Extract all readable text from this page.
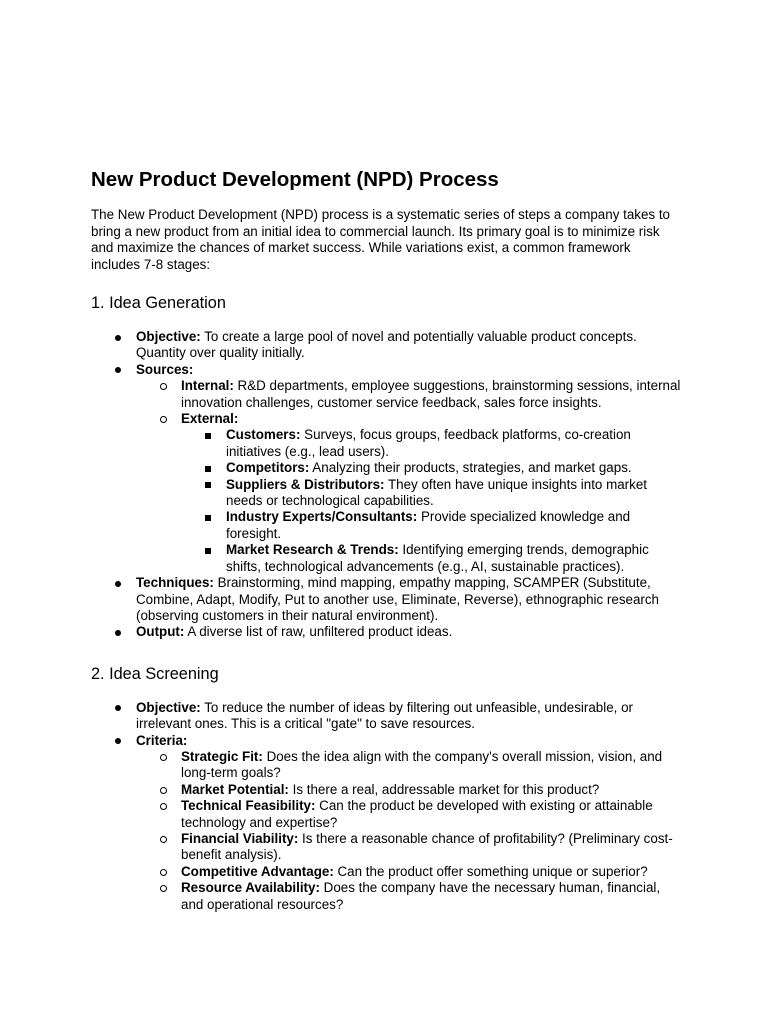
New Product Development (NPD) Process

The New Product Development (NPD) process is a systematic series of steps a company takes to bring a new product from an initial idea to commercial launch. Its primary goal is to minimize risk and maximize the chances of market success. While variations exist, a common framework includes 7-8 stages:

1. Idea Generation
Objective: To create a large pool of novel and potentially valuable product concepts. Quantity over quality initially.
Sources:
Internal: R&D departments, employee suggestions, brainstorming sessions, internal innovation challenges, customer service feedback, sales force insights.
External:
Customers: Surveys, focus groups, feedback platforms, co-creation initiatives (e.g., lead users).
Competitors: Analyzing their products, strategies, and market gaps.
Suppliers & Distributors: They often have unique insights into market needs or technological capabilities.
Industry Experts/Consultants: Provide specialized knowledge and foresight.
Market Research & Trends: Identifying emerging trends, demographic shifts, technological advancements (e.g., AI, sustainable practices).
Techniques: Brainstorming, mind mapping, empathy mapping, SCAMPER (Substitute, Combine, Adapt, Modify, Put to another use, Eliminate, Reverse), ethnographic research (observing customers in their natural environment).
Output: A diverse list of raw, unfiltered product ideas.
2. Idea Screening
Objective: To reduce the number of ideas by filtering out unfeasible, undesirable, or irrelevant ones. This is a critical "gate" to save resources.
Criteria:
Strategic Fit: Does the idea align with the company's overall mission, vision, and long-term goals?
Market Potential: Is there a real, addressable market for this product?
Technical Feasibility: Can the product be developed with existing or attainable technology and expertise?
Financial Viability: Is there a reasonable chance of profitability? (Preliminary cost-benefit analysis).
Competitive Advantage: Can the product offer something unique or superior?
Resource Availability: Does the company have the necessary human, financial, and operational resources?
